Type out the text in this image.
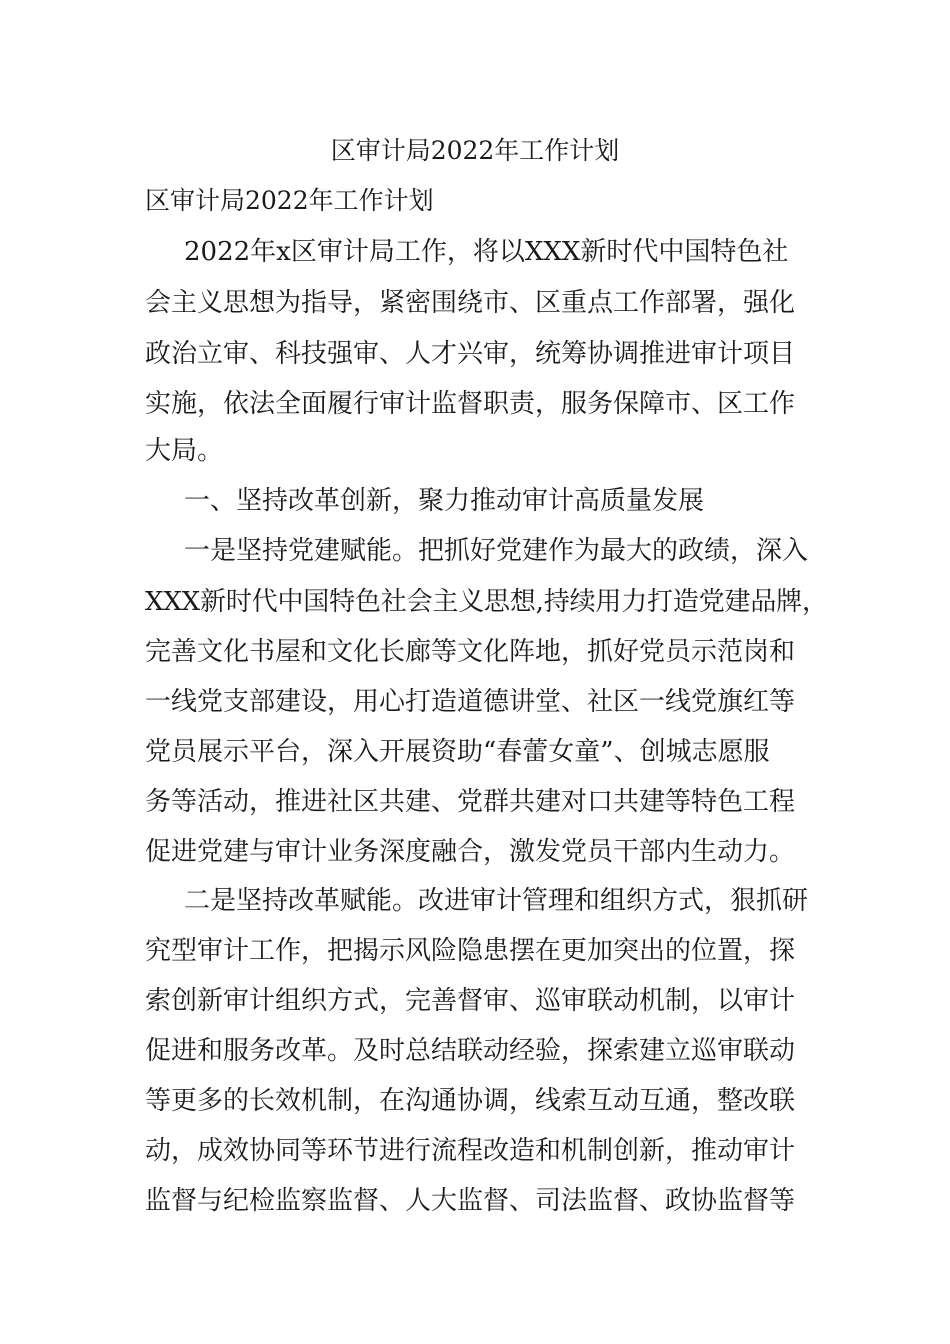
区审计局2022年工作计划

区审计局2022年工作计划

2022年x区审计局工作，将以XXX新时代中国特色社

会主义思想为指导，紧密围绕市、区重点工作部署，强化

政治立审、科技强审、人才兴审，统筹协调推进审计项目

实施，依法全面履行审计监督职责，服务保障市、区工作

大局。

一、坚持改革创新，聚力推动审计高质量发展

一是坚持党建赋能。把抓好党建作为最大的政绩，深入

XXX新时代中国特色社会主义思想,持续用力打造党建品牌，

完善文化书屋和文化长廊等文化阵地，抓好党员示范岗和

一线党支部建设，用心打造道德讲堂、社区一线党旗红等

党员展示平台，深入开展资助“春蕾女童”、创城志愿服

务等活动，推进社区共建、党群共建对口共建等特色工程

促进党建与审计业务深度融合，激发党员干部内生动力。

二是坚持改革赋能。改进审计管理和组织方式，狠抓研

究型审计工作，把揭示风险隐患摆在更加突出的位置，探

索创新审计组织方式，完善督审、巡审联动机制，以审计

促进和服务改革。及时总结联动经验，探索建立巡审联动

等更多的长效机制，在沟通协调，线索互动互通，整改联

动，成效协同等环节进行流程改造和机制创新，推动审计

监督与纪检监察监督、人大监督、司法监督、政协监督等
